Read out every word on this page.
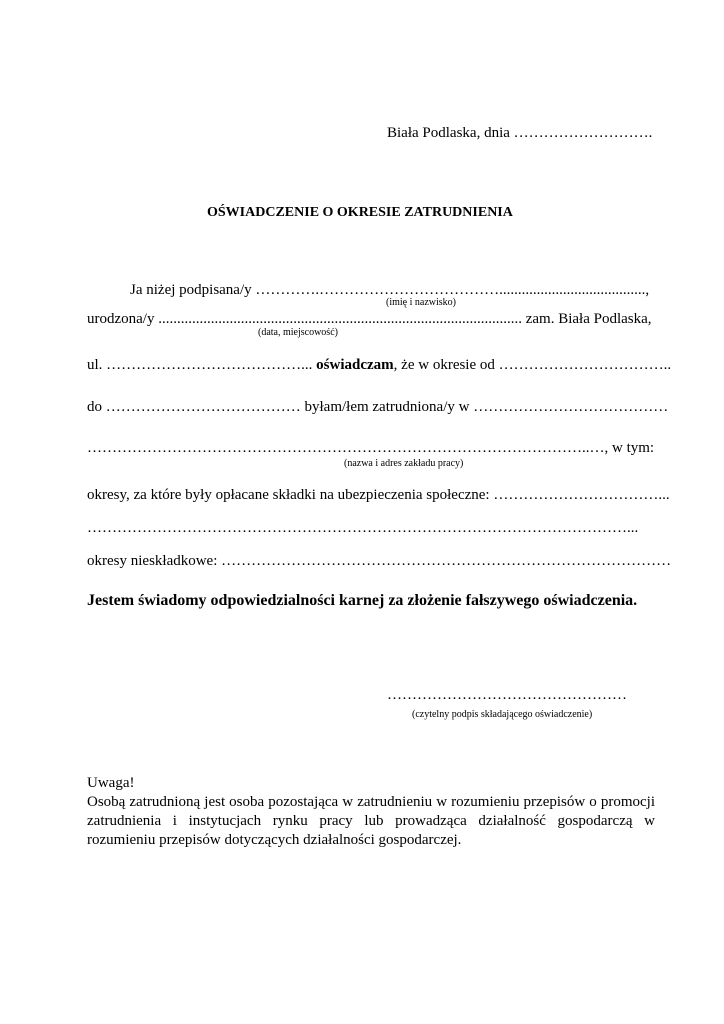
Biała Podlaska, dnia ……………………….
OŚWIADCZENIE O OKRESIE ZATRUDNIENIA
Ja niżej podpisana/y ………….……………………………….......................................,
(imię i nazwisko)
urodzona/y ................................................................................................. zam. Biała Podlaska,
(data, miejscowość)
ul. …………………………………... oświadczam, że w okresie od ……………………………..
do ………………………………… byłam/łem zatrudniona/y w …………………………………
………………………………………………………………………………………..…, w tym:
(nazwa i adres zakładu pracy)
okresy, za które były opłacane składki na ubezpieczenia społeczne: ……………………………...
………………………………………………………………………………………………...
okresy nieskładkowe: ………………………………………………………………………………
Jestem świadomy odpowiedzialności karnej za złożenie fałszywego oświadczenia.
…………………………………………
(czytelny podpis składającego oświadczenie)
Uwaga!
Osobą zatrudnioną jest osoba pozostająca w zatrudnieniu w rozumieniu przepisów o promocji zatrudnienia i instytucjach rynku pracy lub prowadząca działalność gospodarczą w rozumieniu przepisów dotyczących działalności gospodarczej.
